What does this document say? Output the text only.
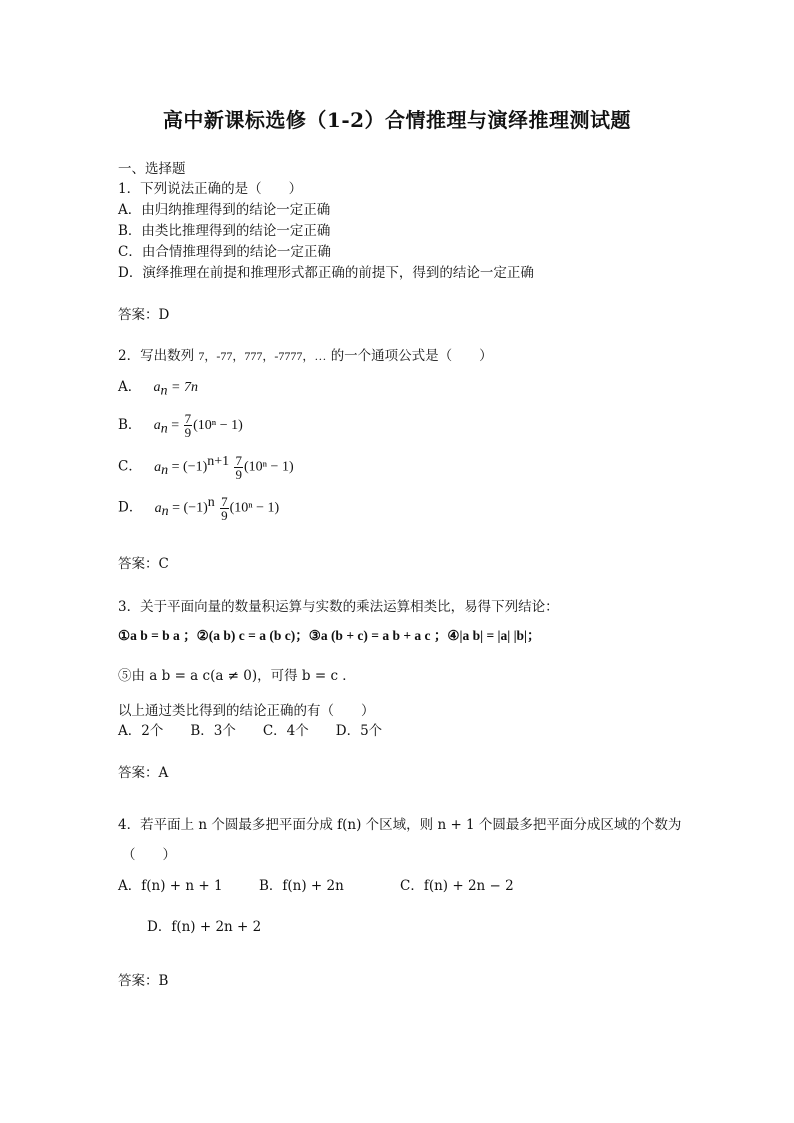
高中新课标选修（1-2）合情推理与演绎推理测试题
一、选择题
1．下列说法正确的是（　　）
A．由归纳推理得到的结论一定正确
B．由类比推理得到的结论一定正确
C．由合情推理得到的结论一定正确
D．演绎推理在前提和推理形式都正确的前提下，得到的结论一定正确
答案：D
2．写出数列 7，-77，777，-7777，… 的一个通项公式是（　　）
A． $a_n = 7n$
B． $a_n = \frac{7}{9} (10^n - 1)$
C． $a_n = (-1)^{n+1} \frac{7}{9} (10^n - 1)$
D． $a_n = (-1)^n \frac{7}{9} (10^n - 1)$
答案：C
3．关于平面向量的数量积运算与实数的乘法运算相类比，易得下列结论：
①a b = b a ；②(a b) c = a (b c)；③a (b + c) = a b + a c ；④|a b| = |a| |b|；
⑤由 a b = a c(a ≠ 0)，可得 b = c ．
以上通过类比得到的结论正确的有（　　）
A．2个　　B．3个　　C．4个　　D．5个
答案：A
4．若平面上 n 个圆最多把平面分成 f(n) 个区域，则 n + 1 个圆最多把平面分成区域的个数为
（　　）
A．f(n) + n + 1	B．f(n) + 2n	C．f(n) + 2n − 2
D．f(n) + 2n + 2
答案：B
